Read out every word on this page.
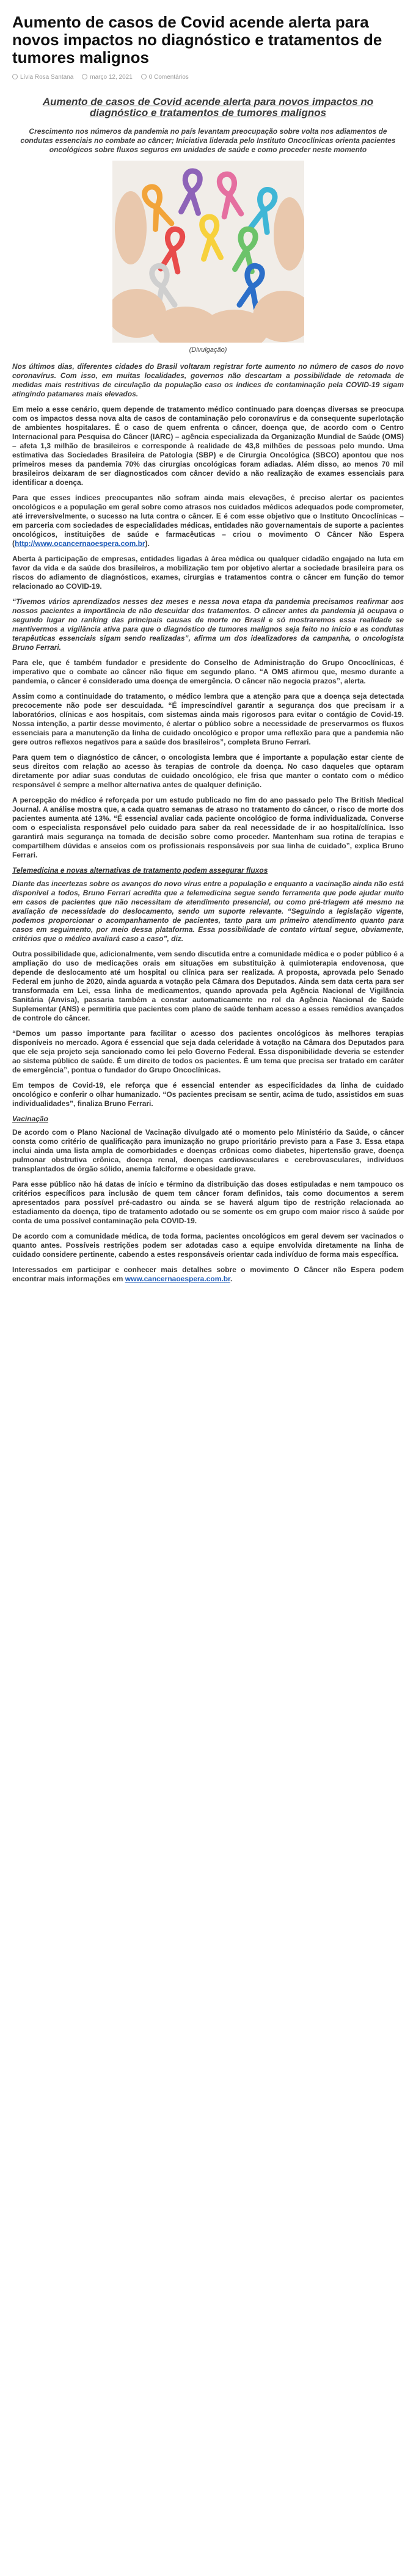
Aumento de casos de Covid acende alerta para novos impactos no diagnóstico e tratamentos de tumores malignos
Lívia Rosa Santana	março 12, 2021	0 Comentários
Aumento de casos de Covid acende alerta para novos impactos no diagnóstico e tratamentos de tumores malignos
Crescimento nos números da pandemia no país levantam preocupação sobre volta nos adiamentos de condutas essenciais no combate ao câncer; Iniciativa liderada pelo Instituto Oncoclínicas orienta pacientes oncológicos sobre fluxos seguros em unidades de saúde e como proceder neste momento
(Divulgação)

Nos últimos dias, diferentes cidades do Brasil voltaram registrar forte aumento no número de casos do novo coronavírus. Com isso, em muitas localidades, governos não descartam a possibilidade de retomada de medidas mais restritivas de circulação da população caso os índices de contaminação pela COVID-19 sigam atingindo patamares mais elevados.

Em meio a esse cenário, quem depende de tratamento médico continuado para doenças diversas se preocupa com os impactos dessa nova alta de casos de contaminação pelo coronavírus e da consequente superlotação de ambientes hospitalares. É o caso de quem enfrenta o câncer, doença que, de acordo com o Centro Internacional para Pesquisa do Câncer (IARC) – agência especializada da Organização Mundial de Saúde (OMS) – afeta 1,3 milhão de brasileiros e corresponde à realidade de 43,8 milhões de pessoas pelo mundo. Uma estimativa das Sociedades Brasileira de Patologia (SBP) e de Cirurgia Oncológica (SBCO) apontou que nos primeiros meses da pandemia 70% das cirurgias oncológicas foram adiadas. Além disso, ao menos 70 mil brasileiros deixaram de ser diagnosticados com câncer devido a não realização de exames essenciais para identificar a doença.

Para que esses índices preocupantes não sofram ainda mais elevações, é preciso alertar os pacientes oncológicos e a população em geral sobre como atrasos nos cuidados médicos adequados pode comprometer, até irreversivelmente, o sucesso na luta contra o câncer. E é com esse objetivo que o Instituto Oncoclínicas – em parceria com sociedades de especialidades médicas, entidades não governamentais de suporte a pacientes oncológicos, instituições de saúde e farmacêuticas – criou o movimento O Câncer Não Espera (http://www.ocancernaoespera.com.br).

Aberta à participação de empresas, entidades ligadas à área médica ou qualquer cidadão engajado na luta em favor da vida e da saúde dos brasileiros, a mobilização tem por objetivo alertar a sociedade brasileira para os riscos do adiamento de diagnósticos, exames, cirurgias e tratamentos contra o câncer em função do temor relacionado ao COVID-19.

“Tivemos vários aprendizados nesses dez meses e nessa nova etapa da pandemia precisamos reafirmar aos nossos pacientes a importância de não descuidar dos tratamentos. O câncer antes da pandemia já ocupava o segundo lugar no ranking das principais causas de morte no Brasil e só mostraremos essa realidade se mantivermos a vigilância ativa para que o diagnóstico de tumores malignos seja feito no início e as condutas terapêuticas essenciais sigam sendo realizadas”, afirma um dos idealizadores da campanha, o oncologista Bruno Ferrari.

Para ele, que é também fundador e presidente do Conselho de Administração do Grupo Oncoclínicas, é imperativo que o combate ao câncer não fique em segundo plano. “A OMS afirmou que, mesmo durante a pandemia, o câncer é considerado uma doença de emergência. O câncer não negocia prazos”, alerta.

Assim como a continuidade do tratamento, o médico lembra que a atenção para que a doença seja detectada precocemente não pode ser descuidada. “É imprescindível garantir a segurança dos que precisam ir a laboratórios, clínicas e aos hospitais, com sistemas ainda mais rigorosos para evitar o contágio de Covid-19. Nossa intenção, a partir desse movimento, é alertar o público sobre a necessidade de preservarmos os fluxos essenciais para a manutenção da linha de cuidado oncológico e propor uma reflexão para que a pandemia não gere outros reflexos negativos para a saúde dos brasileiros”, completa Bruno Ferrari.

Para quem tem o diagnóstico de câncer, o oncologista lembra que é importante a população estar ciente de seus direitos com relação ao acesso às terapias de controle da doença. No caso daqueles que optaram diretamente por adiar suas condutas de cuidado oncológico, ele frisa que manter o contato com o médico responsável é sempre a melhor alternativa antes de qualquer definição.

A percepção do médico é reforçada por um estudo publicado no fim do ano passado pelo The British Medical Journal. A análise mostra que, a cada quatro semanas de atraso no tratamento do câncer, o risco de morte dos pacientes aumenta até 13%. “É essencial avaliar cada paciente oncológico de forma individualizada. Converse com o especialista responsável pelo cuidado para saber da real necessidade de ir ao hospital/clínica. Isso garantirá mais segurança na tomada de decisão sobre como proceder. Mantenham sua rotina de terapias e compartilhem dúvidas e anseios com os profissionais responsáveis por sua linha de cuidado”, explica Bruno Ferrari.

Telemedicina e novas alternativas de tratamento podem assegurar fluxos

Diante das incertezas sobre os avanços do novo vírus entre a população e enquanto a vacinação ainda não está disponível a todos, Bruno Ferrari acredita que a telemedicina segue sendo ferramenta que pode ajudar muito em casos de pacientes que não necessitam de atendimento presencial, ou como pré-triagem até mesmo na avaliação de necessidade do deslocamento, sendo um suporte relevante. “Seguindo a legislação vigente, podemos proporcionar o acompanhamento de pacientes, tanto para um primeiro atendimento quanto para casos em seguimento, por meio dessa plataforma. Essa possibilidade de contato virtual segue, obviamente, critérios que o médico avaliará caso a caso”, diz.

Outra possibilidade que, adicionalmente, vem sendo discutida entre a comunidade médica e o poder público é a ampliação do uso de medicações orais em situações em substituição à quimioterapia endovenosa, que depende de deslocamento até um hospital ou clínica para ser realizada. A proposta, aprovada pelo Senado Federal em junho de 2020, ainda aguarda a votação pela Câmara dos Deputados. Ainda sem data certa para ser transformada em Lei, essa linha de medicamentos, quando aprovada pela Agência Nacional de Vigilância Sanitária (Anvisa), passaria também a constar automaticamente no rol da Agência Nacional de Saúde Suplementar (ANS) e permitiria que pacientes com plano de saúde tenham acesso a esses remédios avançados de controle do câncer.

“Demos um passo importante para facilitar o acesso dos pacientes oncológicos às melhores terapias disponíveis no mercado. Agora é essencial que seja dada celeridade à votação na Câmara dos Deputados para que ele seja projeto seja sancionado como lei pelo Governo Federal. Essa disponibilidade deveria se estender ao sistema público de saúde. É um direito de todos os pacientes. É um tema que precisa ser tratado em caráter de emergência”, pontua o fundador do Grupo Oncoclínicas.

Em tempos de Covid-19, ele reforça que é essencial entender as especificidades da linha de cuidado oncológico e conferir o olhar humanizado. “Os pacientes precisam se sentir, acima de tudo, assistidos em suas individualidades”, finaliza Bruno Ferrari.

Vacinação

De acordo com o Plano Nacional de Vacinação divulgado até o momento pelo Ministério da Saúde, o câncer consta como critério de qualificação para imunização no grupo prioritário previsto para a Fase 3. Essa etapa inclui ainda uma lista ampla de comorbidades e doenças crônicas como diabetes, hipertensão grave, doença pulmonar obstrutiva crônica, doença renal, doenças cardiovasculares e cerebrovasculares, indivíduos transplantados de órgão sólido, anemia falciforme e obesidade grave.

Para esse público não há datas de início e término da distribuição das doses estipuladas e nem tampouco os critérios específicos para inclusão de quem tem câncer foram definidos, tais como documentos a serem apresentados para possível pré-cadastro ou ainda se se haverá algum tipo de restrição relacionada ao estadiamento da doença, tipo de tratamento adotado ou se somente os em grupo com maior risco à saúde por conta de uma possível contaminação pela COVID-19.

De acordo com a comunidade médica, de toda forma, pacientes oncológicos em geral devem ser vacinados o quanto antes. Possíveis restrições podem ser adotadas caso a equipe envolvida diretamente na linha de cuidado considere pertinente, cabendo a estes responsáveis orientar cada indivíduo de forma mais específica.

Interessados em participar e conhecer mais detalhes sobre o movimento O Câncer não Espera podem encontrar mais informações em www.cancernaoespera.com.br.
